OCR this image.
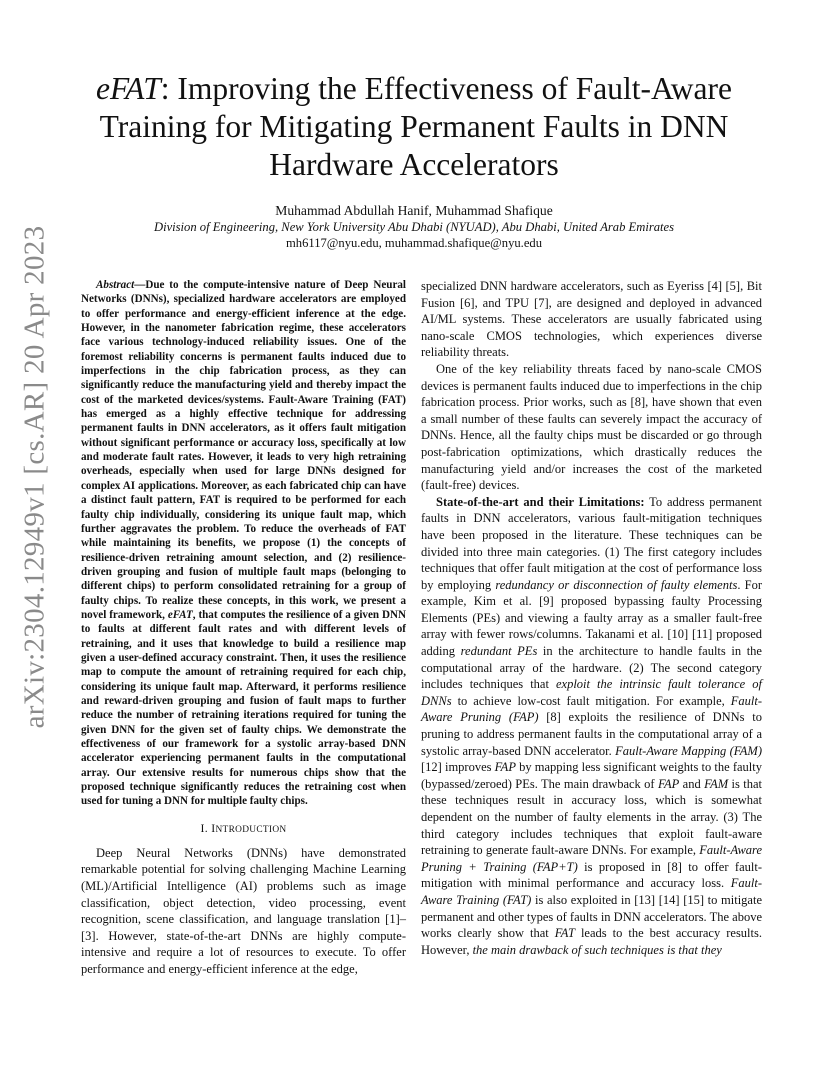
arXiv:2304.12949v1 [cs.AR] 20 Apr 2023
eFAT: Improving the Effectiveness of Fault-Aware
Training for Mitigating Permanent Faults in DNN
Hardware Accelerators
Muhammad Abdullah Hanif, Muhammad Shafique
Division of Engineering, New York University Abu Dhabi (NYUAD), Abu Dhabi, United Arab Emirates
mh6117@nyu.edu, muhammad.shafique@nyu.edu

Abstract—Due to the compute-intensive nature of Deep Neural Networks (DNNs), specialized hardware accelerators are employed to offer performance and energy-efficient inference at the edge. However, in the nanometer fabrication regime, these accelerators face various technology-induced reliability issues. One of the foremost reliability concerns is permanent faults induced due to imperfections in the chip fabrication process, as they can significantly reduce the manufacturing yield and thereby impact the cost of the marketed devices/systems. Fault-Aware Training (FAT) has emerged as a highly effective technique for addressing permanent faults in DNN accelerators, as it offers fault mitigation without significant performance or accuracy loss, specifically at low and moderate fault rates. However, it leads to very high retraining overheads, especially when used for large DNNs designed for complex AI applications. Moreover, as each fabricated chip can have a distinct fault pattern, FAT is required to be performed for each faulty chip individually, considering its unique fault map, which further aggravates the problem. To reduce the overheads of FAT while maintaining its benefits, we propose (1) the concepts of resilience-driven retraining amount selection, and (2) resilience-driven grouping and fusion of multiple fault maps (belonging to different chips) to perform consolidated retraining for a group of faulty chips. To realize these concepts, in this work, we present a novel framework, eFAT, that computes the resilience of a given DNN to faults at different fault rates and with different levels of retraining, and it uses that knowledge to build a resilience map given a user-defined accuracy constraint. Then, it uses the resilience map to compute the amount of retraining required for each chip, considering its unique fault map. Afterward, it performs resilience and reward-driven grouping and fusion of fault maps to further reduce the number of retraining iterations required for tuning the given DNN for the given set of faulty chips. We demonstrate the effectiveness of our framework for a systolic array-based DNN accelerator experiencing permanent faults in the computational array. Our extensive results for numerous chips show that the proposed technique significantly reduces the retraining cost when used for tuning a DNN for multiple faulty chips.

I. INTRODUCTION

Deep Neural Networks (DNNs) have demonstrated remarkable potential for solving challenging Machine Learning (ML)/Artificial Intelligence (AI) problems such as image classification, object detection, video processing, event recognition, scene classification, and language translation [1]–[3]. However, state-of-the-art DNNs are highly compute-intensive and require a lot of resources to execute. To offer performance and energy-efficient inference at the edge,

specialized DNN hardware accelerators, such as Eyeriss [4] [5], Bit Fusion [6], and TPU [7], are designed and deployed in advanced AI/ML systems. These accelerators are usually fabricated using nano-scale CMOS technologies, which experiences diverse reliability threats.

One of the key reliability threats faced by nano-scale CMOS devices is permanent faults induced due to imperfections in the chip fabrication process. Prior works, such as [8], have shown that even a small number of these faults can severely impact the accuracy of DNNs. Hence, all the faulty chips must be discarded or go through post-fabrication optimizations, which drastically reduces the manufacturing yield and/or increases the cost of the marketed (fault-free) devices.

State-of-the-art and their Limitations: To address permanent faults in DNN accelerators, various fault-mitigation techniques have been proposed in the literature. These techniques can be divided into three main categories. (1) The first category includes techniques that offer fault mitigation at the cost of performance loss by employing redundancy or disconnection of faulty elements. For example, Kim et al. [9] proposed bypassing faulty Processing Elements (PEs) and viewing a faulty array as a smaller fault-free array with fewer rows/columns. Takanami et al. [10] [11] proposed adding redundant PEs in the architecture to handle faults in the computational array of the hardware. (2) The second category includes techniques that exploit the intrinsic fault tolerance of DNNs to achieve low-cost fault mitigation. For example, Fault-Aware Pruning (FAP) [8] exploits the resilience of DNNs to pruning to address permanent faults in the computational array of a systolic array-based DNN accelerator. Fault-Aware Mapping (FAM) [12] improves FAP by mapping less significant weights to the faulty (bypassed/zeroed) PEs. The main drawback of FAP and FAM is that these techniques result in accuracy loss, which is somewhat dependent on the number of faulty elements in the array. (3) The third category includes techniques that exploit fault-aware retraining to generate fault-aware DNNs. For example, Fault-Aware Pruning + Training (FAP+T) is proposed in [8] to offer fault-mitigation with minimal performance and accuracy loss. Fault-Aware Training (FAT) is also exploited in [13] [14] [15] to mitigate permanent and other types of faults in DNN accelerators. The above works clearly show that FAT leads to the best accuracy results. However, the main drawback of such techniques is that they
